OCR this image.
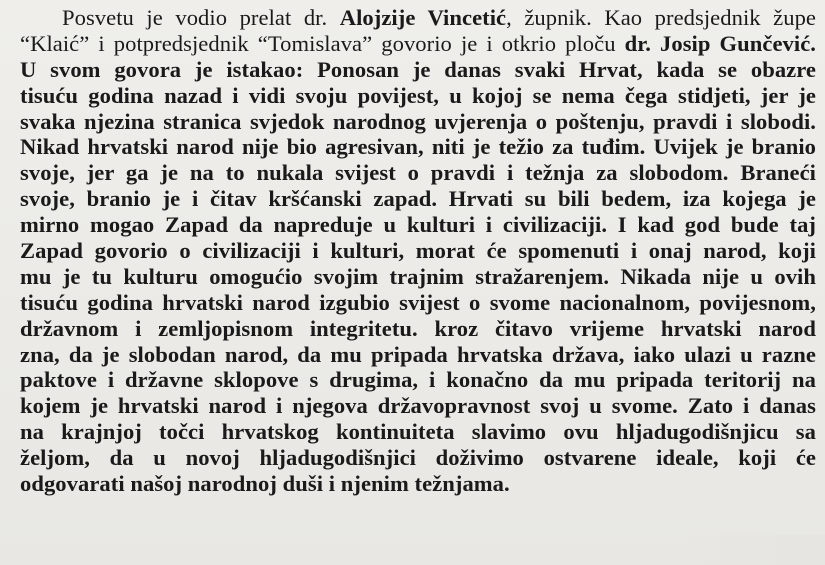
Posvetu je vodio prelat dr. Alojzije Vincetić, župnik. Kao predsjednik župe
“Klaić” i potpredsjednik “Tomislava” govorio je i otkrio ploču dr. Josip Gunčević.
U svom govora je istakao: Ponosan je danas svaki Hrvat, kada se obazre
tisuću godina nazad i vidi svoju povijest, u kojoj se nema čega stidjeti, jer je
svaka njezina stranica svjedok narodnog uvjerenja o poštenju, pravdi i slobodi.
Nikad hrvatski narod nije bio agresivan, niti je težio za tuđim. Uvijek je branio
svoje, jer ga je na to nukala svijest o pravdi i težnja za slobodom. Braneći
svoje, branio je i čitav kršćanski zapad. Hrvati su bili bedem, iza kojega je
mirno mogao Zapad da napreduje u kulturi i civilizaciji. I kad god bude taj
Zapad govorio o civilizaciji i kulturi, morat će spomenuti i onaj narod, koji
mu je tu kulturu omogućio svojim trajnim stražarenjem. Nikada nije u ovih
tisuću godina hrvatski narod izgubio svijest o svome nacionalnom, povijesnom,
državnom i zemljopisnom integritetu. kroz čitavo vrijeme hrvatski narod
zna, da je slobodan narod, da mu pripada hrvatska država, iako ulazi u razne
paktove i državne sklopove s drugima, i konačno da mu pripada teritorij na
kojem je hrvatski narod i njegova državopravnost svoj u svome. Zato i danas
na krajnjoj točci hrvatskog kontinuiteta slavimo ovu hljadugodišnjicu sa
željom, da u novoj hljadugodišnjici doživimo ostvarene ideale, koji će
odgovarati našoj narodnoj duši i njenim težnjama.
